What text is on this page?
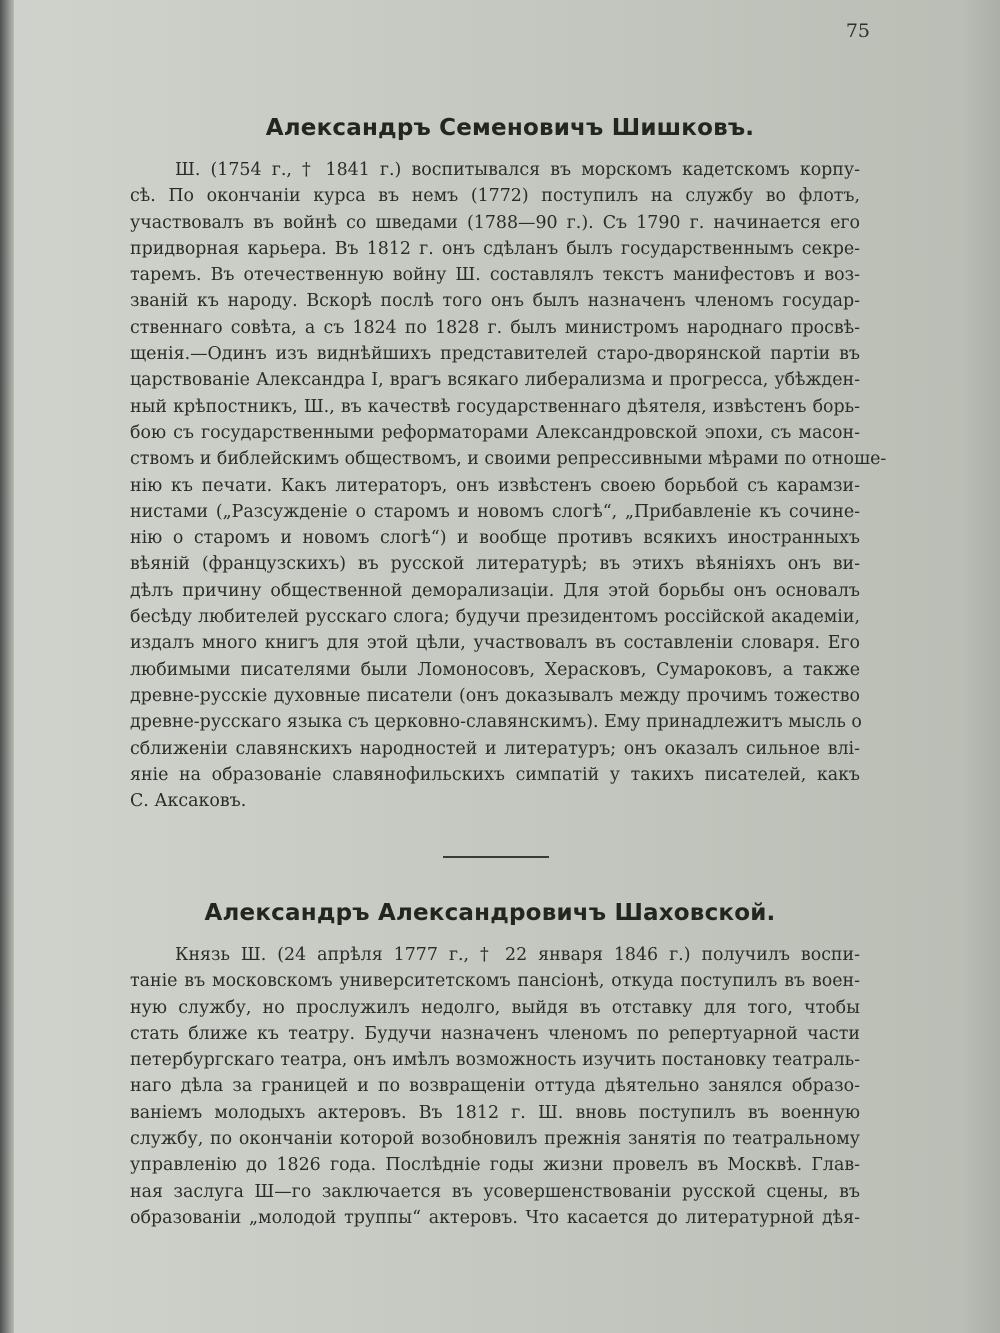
75
Александръ Семеновичъ Шишковъ.
Ш. (1754 г., † 1841 г.) воспитывался въ морскомъ кадетскомъ корпу-
сѣ. По окончаніи курса въ немъ (1772) поступилъ на службу во флотъ,
участвовалъ въ войнѣ со шведами (1788—90 г.). Съ 1790 г. начинается его
придворная карьера. Въ 1812 г. онъ сдѣланъ былъ государственнымъ секре-
таремъ. Въ отечественную войну Ш. составлялъ текстъ манифестовъ и воз-
званій къ народу. Вскорѣ послѣ того онъ былъ назначенъ членомъ государ-
ственнаго совѣта, а съ 1824 по 1828 г. былъ министромъ народнаго просвѣ-
щенія.—Одинъ изъ виднѣйшихъ представителей старо-дворянской партіи въ
царствованіе Александра I, врагъ всякаго либерализма и прогресса, убѣжден-
ный крѣпостникъ, Ш., въ качествѣ государственнаго дѣятеля, извѣстенъ борь-
бою съ государственными реформаторами Александровской эпохи, съ масон-
ствомъ и библейскимъ обществомъ, и своими репрессивными мѣрами по отноше-
нію къ печати. Какъ литераторъ, онъ извѣстенъ своею борьбой съ карамзи-
нистами („Разсужденіе о старомъ и новомъ слогѣ“, „Прибавленіе къ сочине-
нію о старомъ и новомъ слогѣ“) и вообще противъ всякихъ иностранныхъ
вѣяній (французскихъ) въ русской литературѣ; въ этихъ вѣяніяхъ онъ ви-
дѣлъ причину общественной деморализаціи. Для этой борьбы онъ основалъ
бесѣду любителей русскаго слога; будучи президентомъ россійской академіи,
издалъ много книгъ для этой цѣли, участвовалъ въ составленіи словаря. Его
любимыми писателями были Ломоносовъ, Херасковъ, Сумароковъ, а также
древне-русскіе духовные писатели (онъ доказывалъ между прочимъ тожество
древне-русскаго языка съ церковно-славянскимъ). Ему принадлежитъ мысль о
сближеніи славянскихъ народностей и литературъ; онъ оказалъ сильное влі-
яніе на образованіе славянофильскихъ симпатій у такихъ писателей, какъ
С. Аксаковъ.
Александръ Александровичъ Шаховской.
Князь Ш. (24 апрѣля 1777 г., † 22 января 1846 г.) получилъ воспи-
таніе въ московскомъ университетскомъ пансіонѣ, откуда поступилъ въ воен-
ную службу, но прослужилъ недолго, выйдя въ отставку для того, чтобы
стать ближе къ театру. Будучи назначенъ членомъ по репертуарной части
петербургскаго театра, онъ имѣлъ возможность изучить постановку театраль-
наго дѣла за границей и по возвращеніи оттуда дѣятельно занялся образо-
ваніемъ молодыхъ актеровъ. Въ 1812 г. Ш. вновь поступилъ въ военную
службу, по окончаніи которой возобновилъ прежнія занятія по театральному
управленію до 1826 года. Послѣдніе годы жизни провелъ въ Москвѣ. Глав-
ная заслуга Ш—го заключается въ усовершенствованіи русской сцены, въ
образованіи „молодой труппы“ актеровъ. Что касается до литературной дѣя-
